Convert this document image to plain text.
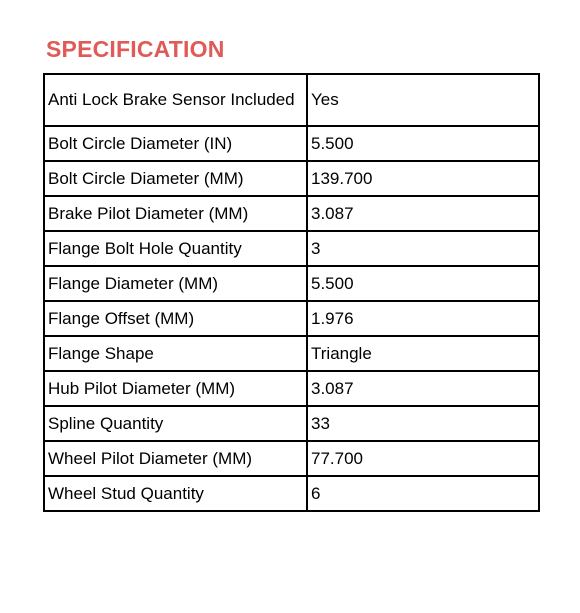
SPECIFICATION
Anti Lock Brake Sensor Included	Yes
Bolt Circle Diameter (IN)	5.500
Bolt Circle Diameter (MM)	139.700
Brake Pilot Diameter (MM)	3.087
Flange Bolt Hole Quantity	3
Flange Diameter (MM)	5.500
Flange Offset (MM)	1.976
Flange Shape	Triangle
Hub Pilot Diameter (MM)	3.087
Spline Quantity	33
Wheel Pilot Diameter (MM)	77.700
Wheel Stud Quantity	6
